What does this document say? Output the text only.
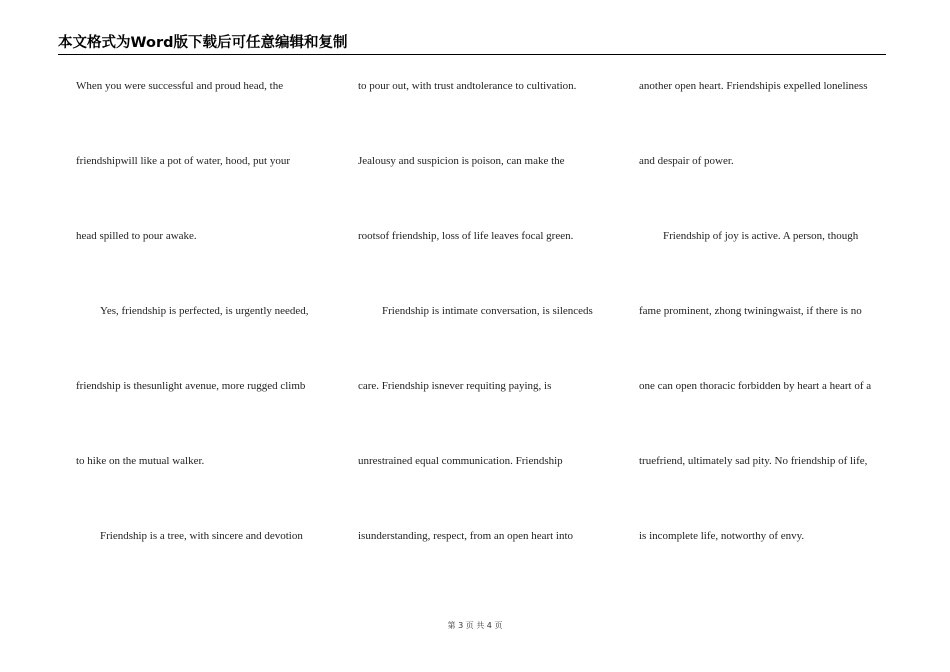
本文格式为Word版下载后可任意编辑和复制
When you were successful and proud head, the
friendshipwill like a pot of water, hood, put your
head spilled to pour awake.
Yes, friendship is perfected, is urgently needed,
friendship is thesunlight avenue, more rugged climb
to hike on the mutual walker.
Friendship is a tree, with sincere and devotion
to pour out, with trust andtolerance to cultivation.
Jealousy and suspicion is poison, can make the
rootsof friendship, loss of life leaves focal green.
Friendship is intimate conversation, is silenceds
care. Friendship isnever requiting paying, is
unrestrained equal communication. Friendship
isunderstanding, respect, from an open heart into
another open heart. Friendshipis expelled loneliness
and despair of power.
Friendship of joy is active. A person, though
fame prominent, zhong twiningwaist, if there is no
one can open thoracic forbidden by heart a heart of a
truefriend, ultimately sad pity. No friendship of life,
is incomplete life, notworthy of envy.
第 3 页 共 4 页
